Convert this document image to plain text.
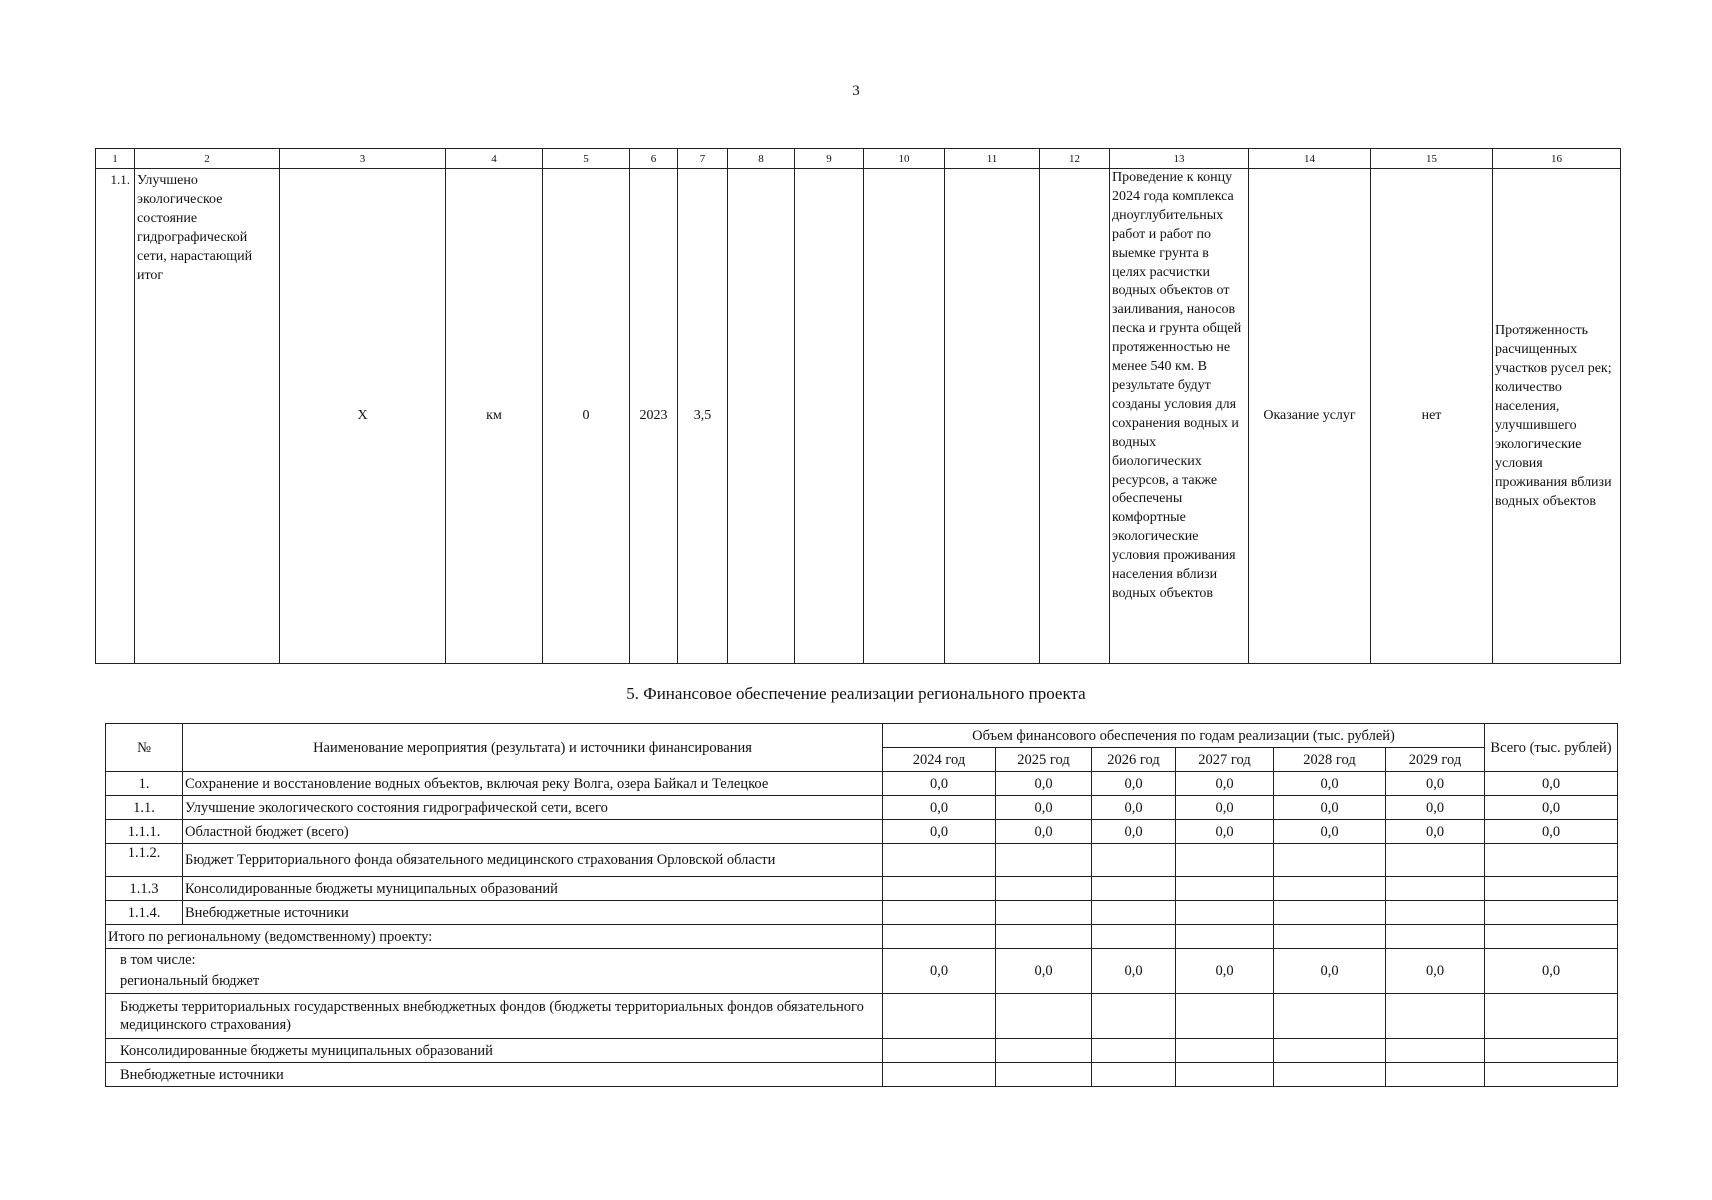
3
1	2	3	4	5	6	7	8	9	10	11	12	13	14	15	16
1.1.	Улучшено экологическое состояние гидрографической сети, нарастающий итог	X	км	0	2023	3,5						Проведение к концу 2024 года комплекса дноуглубительных работ и работ по выемке грунта в целях расчистки водных объектов от заиливания, наносов песка и грунта общей протяженностью не менее 540 км. В результате будут созданы условия для сохранения водных и водных биологических ресурсов, а также обеспечены комфортные экологические условия проживания населения вблизи водных объектов	Оказание услуг	нет	Протяженность расчищенных участков русел рек; количество населения, улучшившего экологические условия проживания вблизи водных объектов
5. Финансовое обеспечение реализации регионального проекта
№	Наименование мероприятия (результата) и источники финансирования	Объем финансового обеспечения по годам реализации (тыс. рублей)						Всего (тыс. рублей)
		2024 год	2025 год	2026 год	2027 год	2028 год	2029 год	
1.	Сохранение и восстановление водных объектов, включая реку Волга, озера Байкал и Телецкое	0,0	0,0	0,0	0,0	0,0	0,0	0,0
1.1.	Улучшение экологического состояния гидрографической сети, всего	0,0	0,0	0,0	0,0	0,0	0,0	0,0
1.1.1.	Областной бюджет (всего)	0,0	0,0	0,0	0,0	0,0	0,0	0,0
1.1.2.	Бюджет Территориального фонда обязательного медицинского страхования Орловской области							
1.1.3	Консолидированные бюджеты муниципальных образований							
1.1.4.	Внебюджетные источники							
Итого по региональному (ведомственному) проекту:								

в том числе:
региональный бюджет		0,0	0,0	0,0	0,0	0,0	0,0	0,0
Бюджеты территориальных государственных внебюджетных фондов (бюджеты территориальных фондов обязательного медицинского страхования)								
Консолидированные бюджеты муниципальных образований								
Внебюджетные источники								
